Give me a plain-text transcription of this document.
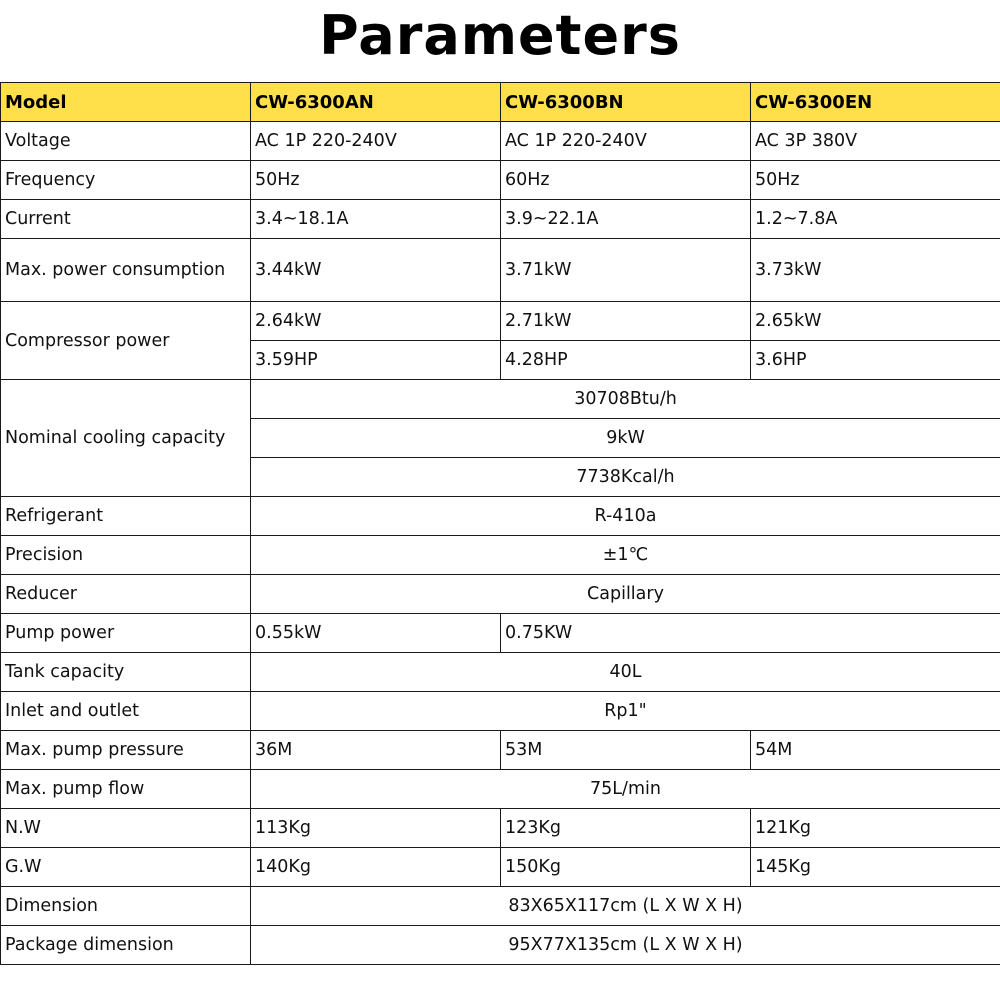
Parameters
Model	CW-6300AN	CW-6300BN	CW-6300EN
Voltage	AC 1P 220-240V	AC 1P 220-240V	AC 3P 380V
Frequency	50Hz	60Hz	50Hz
Current	3.4~18.1A	3.9~22.1A	1.2~7.8A
Max. power consumption	3.44kW	3.71kW	3.73kW
Compressor power	2.64kW	2.71kW	2.65kW
	3.59HP	4.28HP	3.6HP
Nominal cooling capacity	30708Btu/h		
	9kW		
	7738Kcal/h		
Refrigerant	R-410a		
Precision	±1℃		
Reducer	Capillary		
Pump power	0.55kW	0.75KW	
Tank capacity	40L		
Inlet and outlet	Rp1"		
Max. pump pressure	36M	53M	54M
Max. pump flow	75L/min		
N.W	113Kg	123Kg	121Kg
G.W	140Kg	150Kg	145Kg
Dimension	83X65X117cm (L X W X H)		
Package dimension	95X77X135cm (L X W X H)		
